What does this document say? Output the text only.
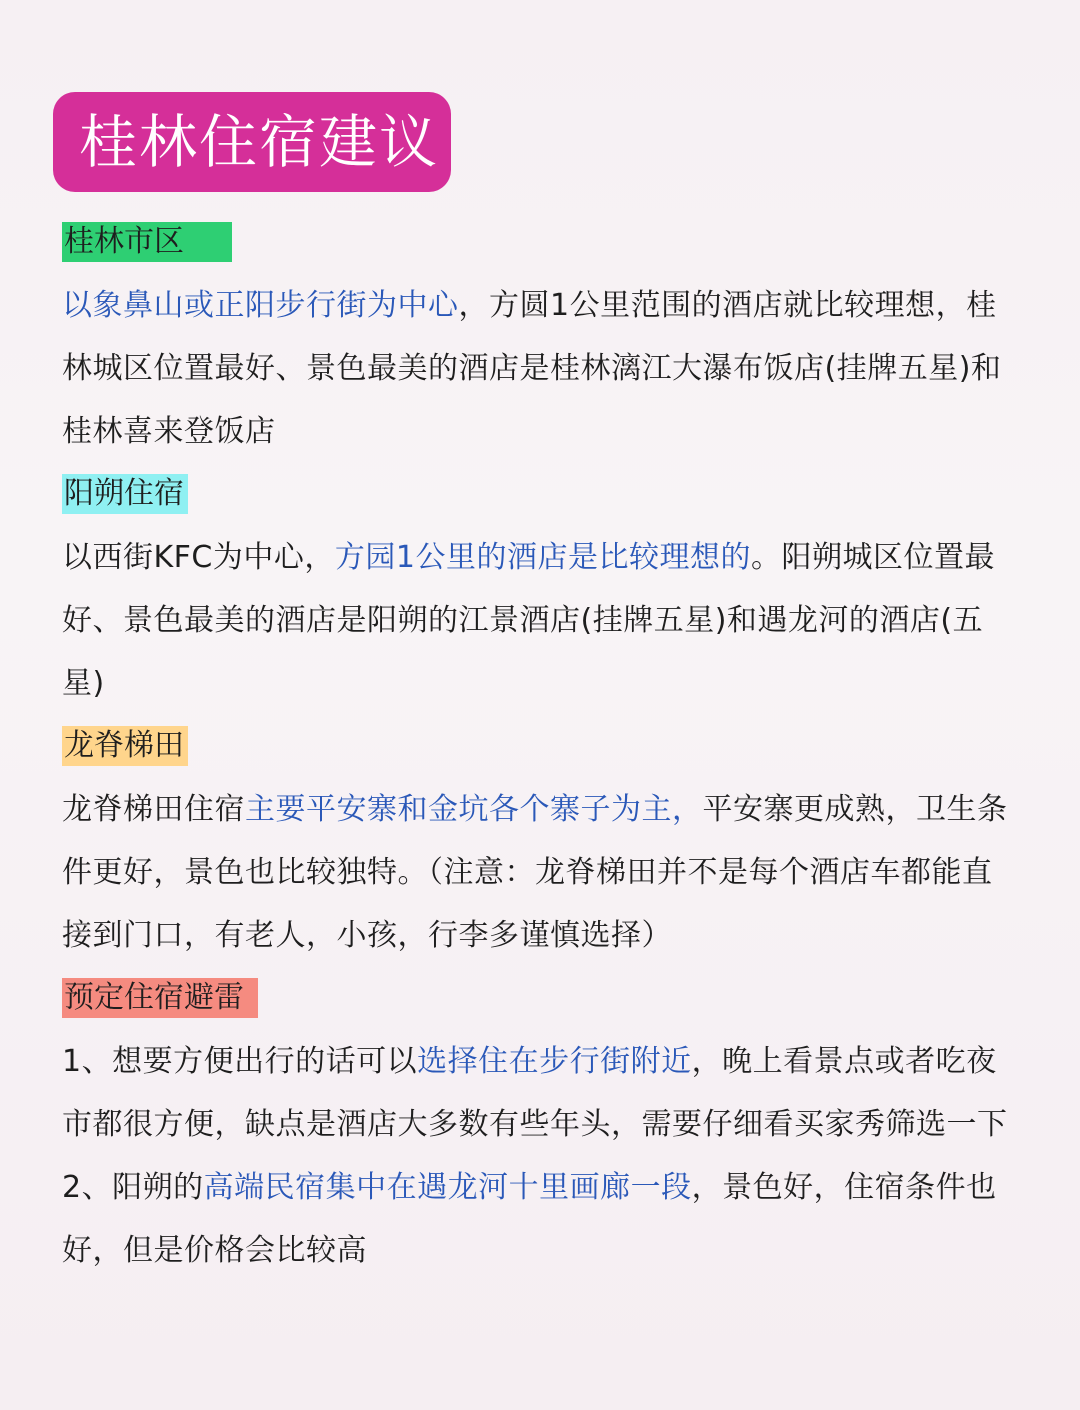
桂林住宿建议
桂林市区

以象鼻山或正阳步行街为中心，方圆1公里范围的酒店就比较理想，桂林城区位置最好、景色最美的酒店是桂林漓江大瀑布饭店(挂牌五星)和桂林喜来登饭店

阳朔住宿

以西街KFC为中心，方园1公里的酒店是比较理想的。阳朔城区位置最好、景色最美的酒店是阳朔的江景酒店(挂牌五星)和遇龙河的酒店(五星)

龙脊梯田

龙脊梯田住宿主要平安寨和金坑各个寨子为主，平安寨更成熟，卫生条件更好，景色也比较独特。（注意：龙脊梯田并不是每个酒店车都能直接到门口，有老人，小孩，行李多谨慎选择）

预定住宿避雷

1、想要方便出行的话可以选择住在步行街附近，晚上看景点或者吃夜市都很方便，缺点是酒店大多数有些年头，需要仔细看买家秀筛选一下

2、阳朔的高端民宿集中在遇龙河十里画廊一段，景色好，住宿条件也好，但是价格会比较高
